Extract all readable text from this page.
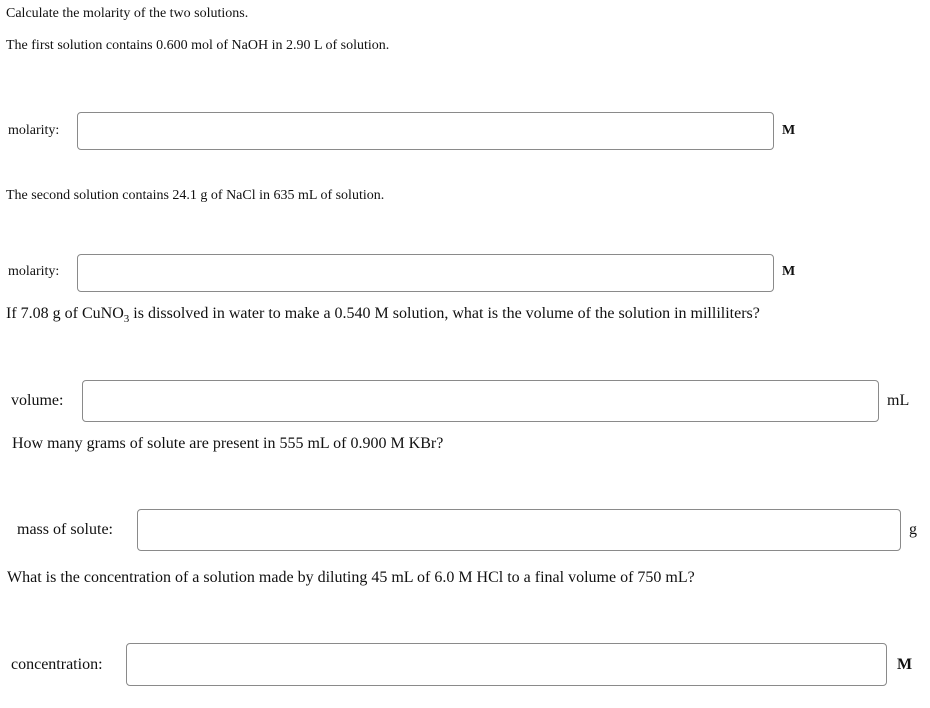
Calculate the molarity of the two solutions.
The first solution contains 0.600 mol of NaOH in 2.90 L of solution.
molarity:	M
The second solution contains 24.1 g of NaCl in 635 mL of solution.
molarity:	M
If 7.08 g of CuNO$_3$ is dissolved in water to make a 0.540 M solution, what is the volume of the solution in milliliters?
volume:	mL
How many grams of solute are present in 555 mL of 0.900 M KBr?
mass of solute:	g
What is the concentration of a solution made by diluting 45 mL of 6.0 M HCl to a final volume of 750 mL?
concentration:	M
